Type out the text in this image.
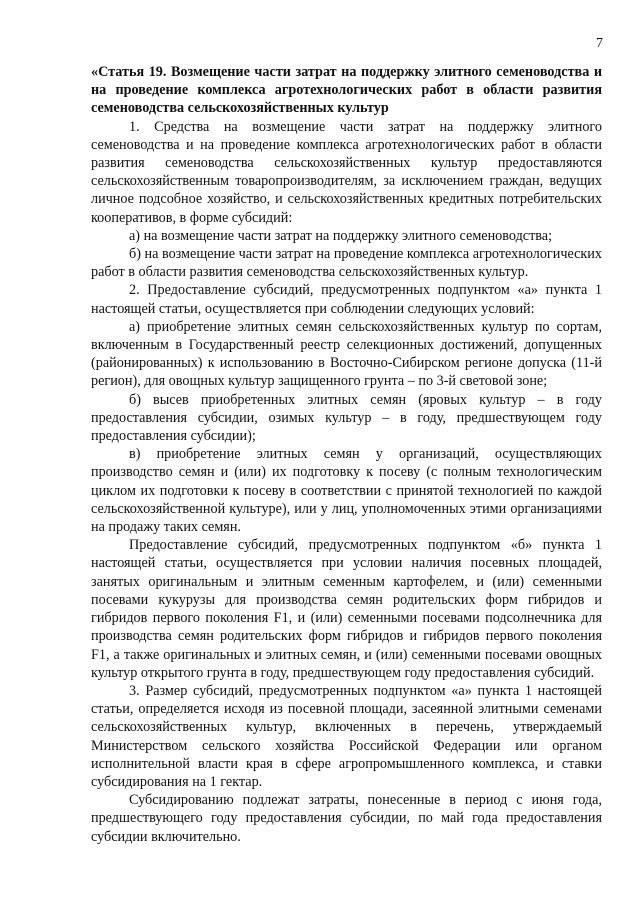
7

«Статья 19. Возмещение части затрат на поддержку элитного семеноводства и на проведение комплекса агротехнологических работ в области развития семеноводства сельскохозяйственных культур

1. Средства на возмещение части затрат на поддержку элитного семеноводства и на проведение комплекса агротехнологических работ в области развития семеноводства сельскохозяйственных культур предоставляются сельскохозяйственным товаропроизводителям, за исключением граждан, ведущих личное подсобное хозяйство, и сельскохозяйственных кредитных потребительских кооперативов, в форме субсидий:

а) на возмещение части затрат на поддержку элитного семеноводства;

б) на возмещение части затрат на проведение комплекса агротехнологических работ в области развития семеноводства сельскохозяйственных культур.

2. Предоставление субсидий, предусмотренных подпунктом «а» пункта 1 настоящей статьи, осуществляется при соблюдении следующих условий:

а) приобретение элитных семян сельскохозяйственных культур по сортам, включенным в Государственный реестр селекционных достижений, допущенных (районированных) к использованию в Восточно-Сибирском регионе допуска (11-й регион), для овощных культур защищенного грунта – по 3-й световой зоне;

б) высев приобретенных элитных семян (яровых культур – в году предоставления субсидии, озимых культур – в году, предшествующем году предоставления субсидии);

в) приобретение элитных семян у организаций, осуществляющих производство семян и (или) их подготовку к посеву (с полным технологическим циклом их подготовки к посеву в соответствии с принятой технологией по каждой сельскохозяйственной культуре), или у лиц, уполномоченных этими организациями на продажу таких семян.

Предоставление субсидий, предусмотренных подпунктом «б» пункта 1 настоящей статьи, осуществляется при условии наличия посевных площадей, занятых оригинальным и элитным семенным картофелем, и (или) семенными посевами кукурузы для производства семян родительских форм гибридов и гибридов первого поколения F1, и (или) семенными посевами подсолнечника для производства семян родительских форм гибридов и гибридов первого поколения F1, а также оригинальных и элитных семян, и (или) семенными посевами овощных культур открытого грунта в году, предшествующем году предоставления субсидий.

3. Размер субсидий, предусмотренных подпунктом «а» пункта 1 настоящей статьи, определяется исходя из посевной площади, засеянной элитными семенами сельскохозяйственных культур, включенных в перечень, утверждаемый Министерством сельского хозяйства Российской Федерации или органом исполнительной власти края в сфере агропромышленного комплекса, и ставки субсидирования на 1 гектар.

Субсидированию подлежат затраты, понесенные в период с июня года, предшествующего году предоставления субсидии, по май года предоставления субсидии включительно.
